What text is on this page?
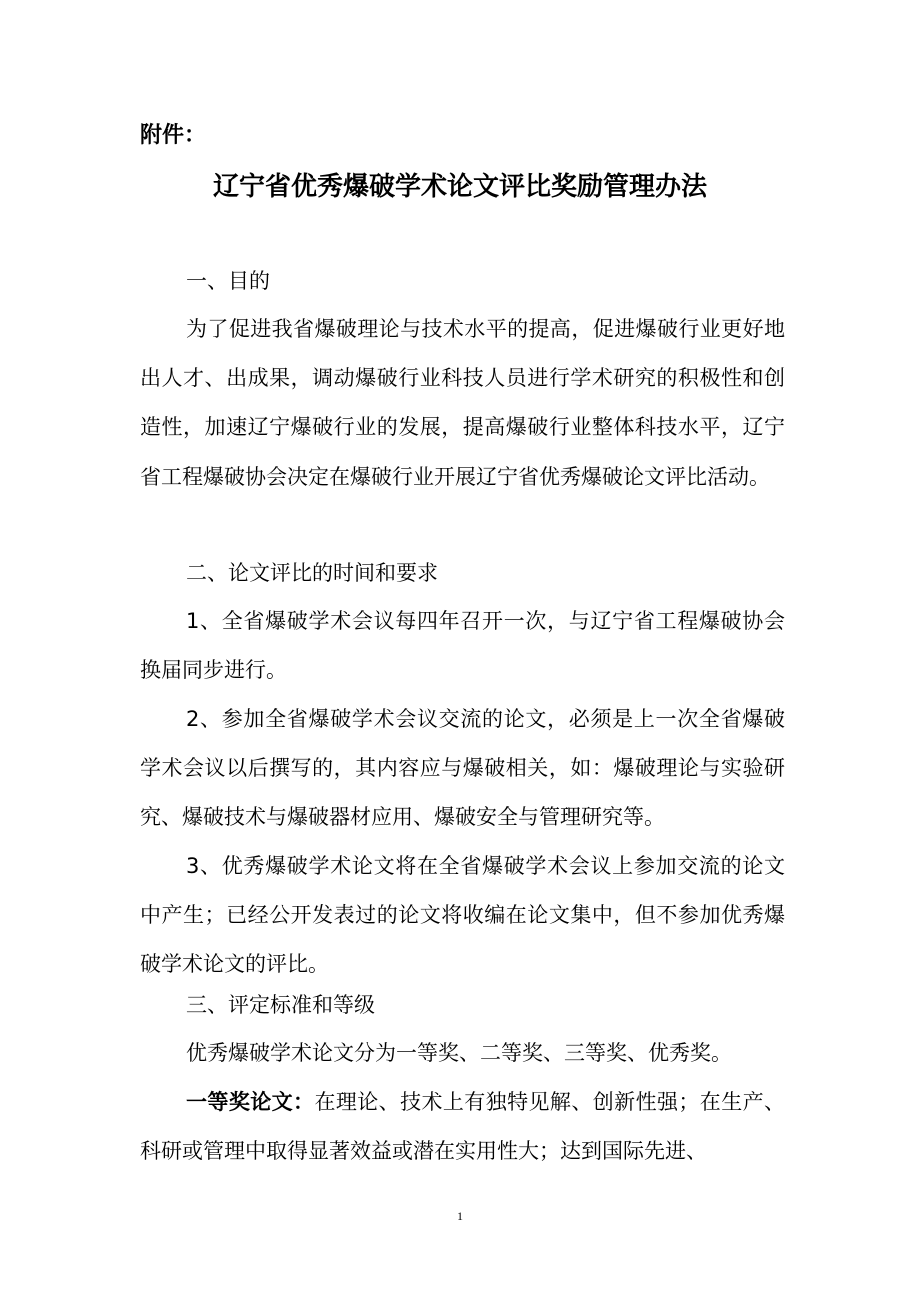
附件：
辽宁省优秀爆破学术论文评比奖励管理办法
一、目的

为了促进我省爆破理论与技术水平的提高，促进爆破行业更好地出人才、出成果，调动爆破行业科技人员进行学术研究的积极性和创造性，加速辽宁爆破行业的发展，提高爆破行业整体科技水平，辽宁省工程爆破协会决定在爆破行业开展辽宁省优秀爆破论文评比活动。

二、论文评比的时间和要求

1、全省爆破学术会议每四年召开一次，与辽宁省工程爆破协会换届同步进行。

2、参加全省爆破学术会议交流的论文，必须是上一次全省爆破学术会议以后撰写的，其内容应与爆破相关，如：爆破理论与实验研究、爆破技术与爆破器材应用、爆破安全与管理研究等。

3、优秀爆破学术论文将在全省爆破学术会议上参加交流的论文中产生；已经公开发表过的论文将收编在论文集中，但不参加优秀爆破学术论文的评比。

三、评定标准和等级

优秀爆破学术论文分为一等奖、二等奖、三等奖、优秀奖。

一等奖论文：在理论、技术上有独特见解、创新性强；在生产、科研或管理中取得显著效益或潜在实用性大；达到国际先进、

1
